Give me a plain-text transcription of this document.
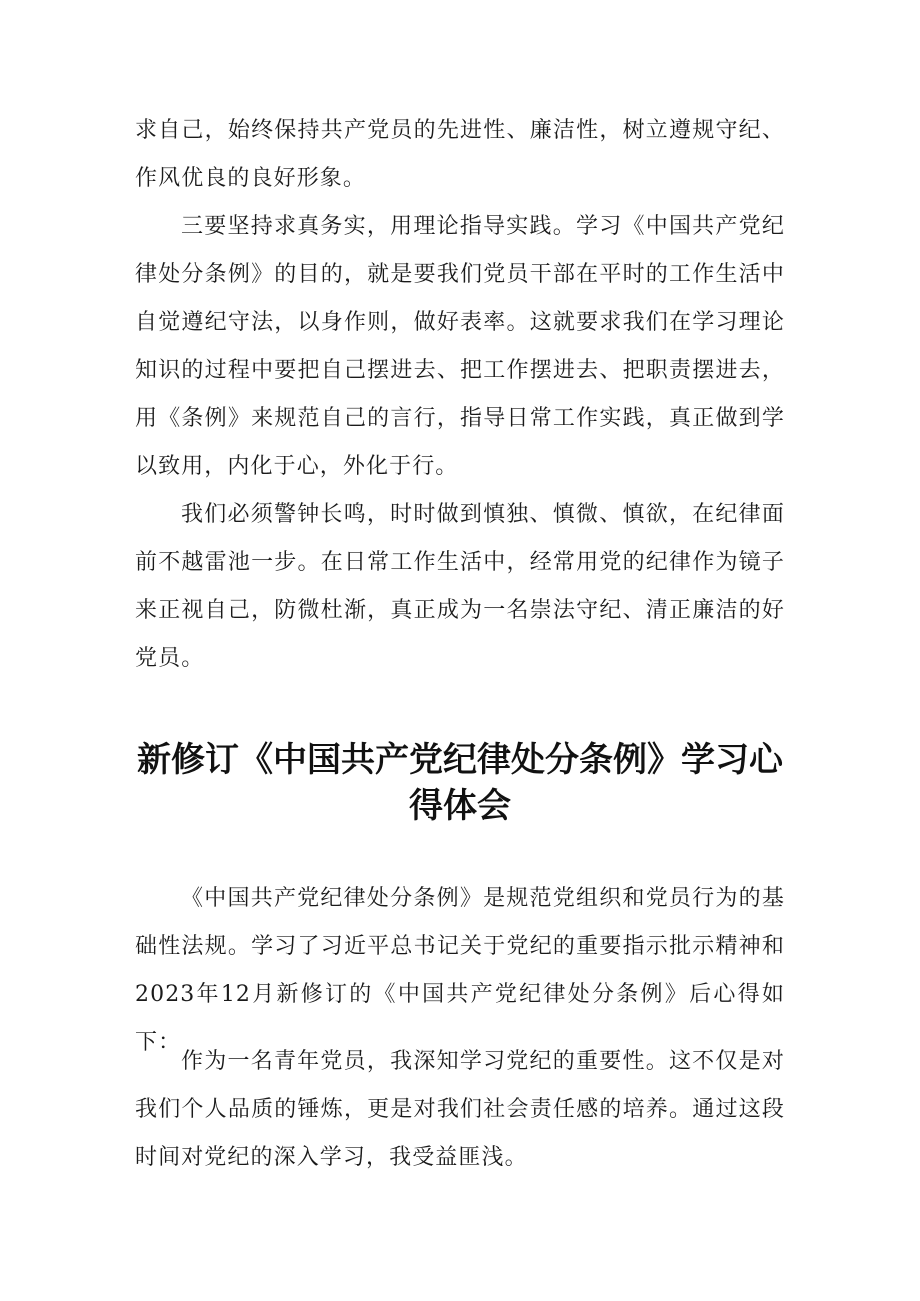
求自己，始终保持共产党员的先进性、廉洁性，树立遵规守纪、作风优良的良好形象。

三要坚持求真务实，用理论指导实践。学习《中国共产党纪律处分条例》的目的，就是要我们党员干部在平时的工作生活中自觉遵纪守法，以身作则，做好表率。这就要求我们在学习理论知识的过程中要把自己摆进去、把工作摆进去、把职责摆进去，用《条例》来规范自己的言行，指导日常工作实践，真正做到学以致用，内化于心，外化于行。

我们必须警钟长鸣，时时做到慎独、慎微、慎欲，在纪律面前不越雷池一步。在日常工作生活中，经常用党的纪律作为镜子来正视自己，防微杜渐，真正成为一名崇法守纪、清正廉洁的好党员。

新修订《中国共产党纪律处分条例》学习心得体会

《中国共产党纪律处分条例》是规范党组织和党员行为的基础性法规。学习了习近平总书记关于党纪的重要指示批示精神和2023年12月新修订的《中国共产党纪律处分条例》后心得如下：

作为一名青年党员，我深知学习党纪的重要性。这不仅是对我们个人品质的锤炼，更是对我们社会责任感的培养。通过这段时间对党纪的深入学习，我受益匪浅。
